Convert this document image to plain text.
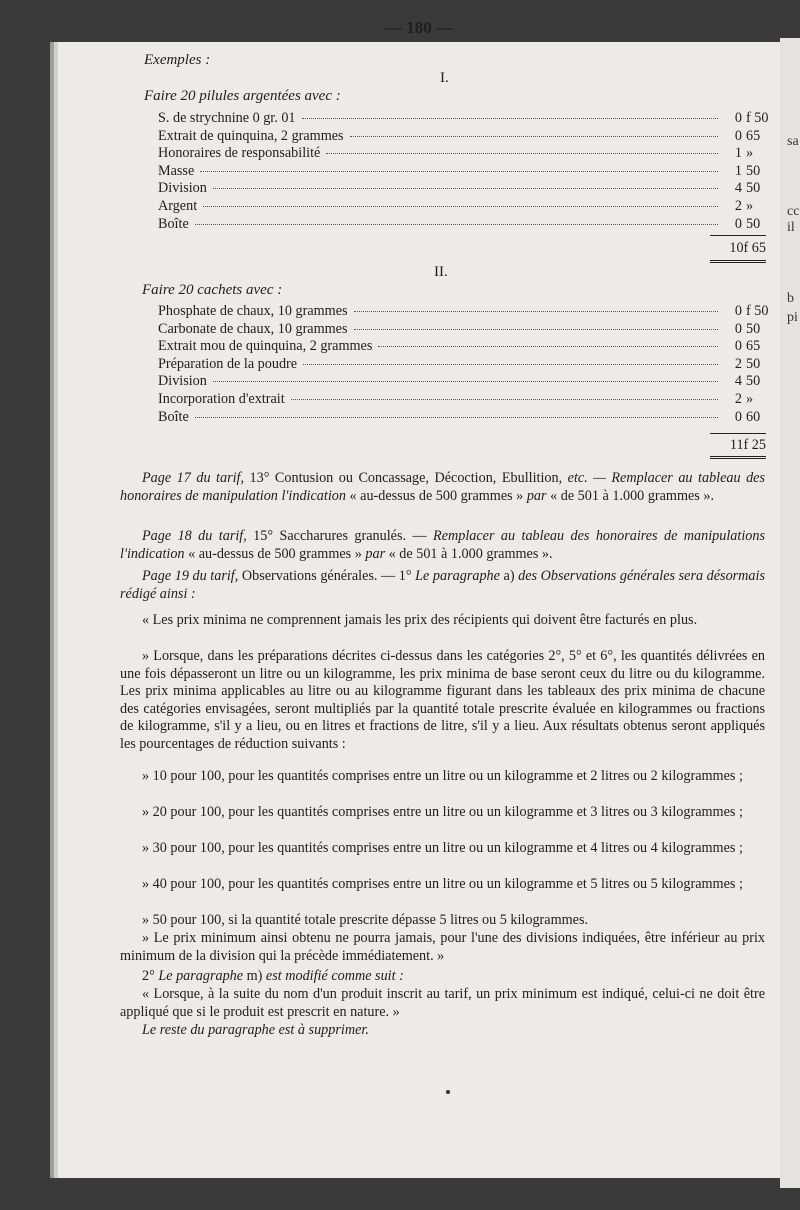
sa
cc
il
b
pi
— 180 —
Exemples :
I.
Faire 20 pilules argentées avec :
S. de strychnine 0 gr. 01	0 f 50
Extrait de quinquina, 2 grammes	0 65
Honoraires de responsabilité	1 »
Masse	1 50
Division	4 50
Argent	2 »
Boîte	0 50
10f 65
II.
Faire 20 cachets avec :
Phosphate de chaux, 10 grammes	0 f 50
Carbonate de chaux, 10 grammes	0 50
Extrait mou de quinquina, 2 grammes	0 65
Préparation de la poudre	2 50
Division	4 50
Incorporation d'extrait	2 »
Boîte	0 60
11f 25
Page 17 du tarif, 13° Contusion ou Concassage, Décoction, Ebullition, etc. — Remplacer au tableau des honoraires de manipulation l'indication « au-dessus de 500 grammes » par « de 501 à 1.000 grammes ».
Page 18 du tarif, 15° Saccharures granulés. — Remplacer au tableau des honoraires de manipulations l'indication « au-dessus de 500 grammes » par « de 501 à 1.000 grammes ».
Page 19 du tarif, Observations générales. — 1° Le paragraphe a) des Observations générales sera désormais rédigé ainsi :
« Les prix minima ne comprennent jamais les prix des récipients qui doivent être facturés en plus.
» Lorsque, dans les préparations décrites ci-dessus dans les catégories 2°, 5° et 6°, les quantités délivrées en une fois dépasseront un litre ou un kilogramme, les prix minima de base seront ceux du litre ou du kilogramme. Les prix minima applicables au litre ou au kilogramme figurant dans les tableaux des prix minima de chacune des catégories envisagées, seront multipliés par la quantité totale prescrite évaluée en kilogrammes ou fractions de kilogramme, s'il y a lieu, ou en litres et fractions de litre, s'il y a lieu. Aux résultats obtenus seront appliqués les pourcentages de réduction suivants :
» 10 pour 100, pour les quantités comprises entre un litre ou un kilogramme et 2 litres ou 2 kilogrammes ;
» 20 pour 100, pour les quantités comprises entre un litre ou un kilogramme et 3 litres ou 3 kilogrammes ;
» 30 pour 100, pour les quantités comprises entre un litre ou un kilogramme et 4 litres ou 4 kilogrammes ;
» 40 pour 100, pour les quantités comprises entre un litre ou un kilogramme et 5 litres ou 5 kilogrammes ;
» 50 pour 100, si la quantité totale prescrite dépasse 5 litres ou 5 kilogrammes.
» Le prix minimum ainsi obtenu ne pourra jamais, pour l'une des divisions indiquées, être inférieur au prix minimum de la division qui la précède immédiatement. »
2° Le paragraphe m) est modifié comme suit :
« Lorsque, à la suite du nom d'un produit inscrit au tarif, un prix minimum est indiqué, celui-ci ne doit être appliqué que si le produit est prescrit en nature. »
Le reste du paragraphe est à supprimer.
